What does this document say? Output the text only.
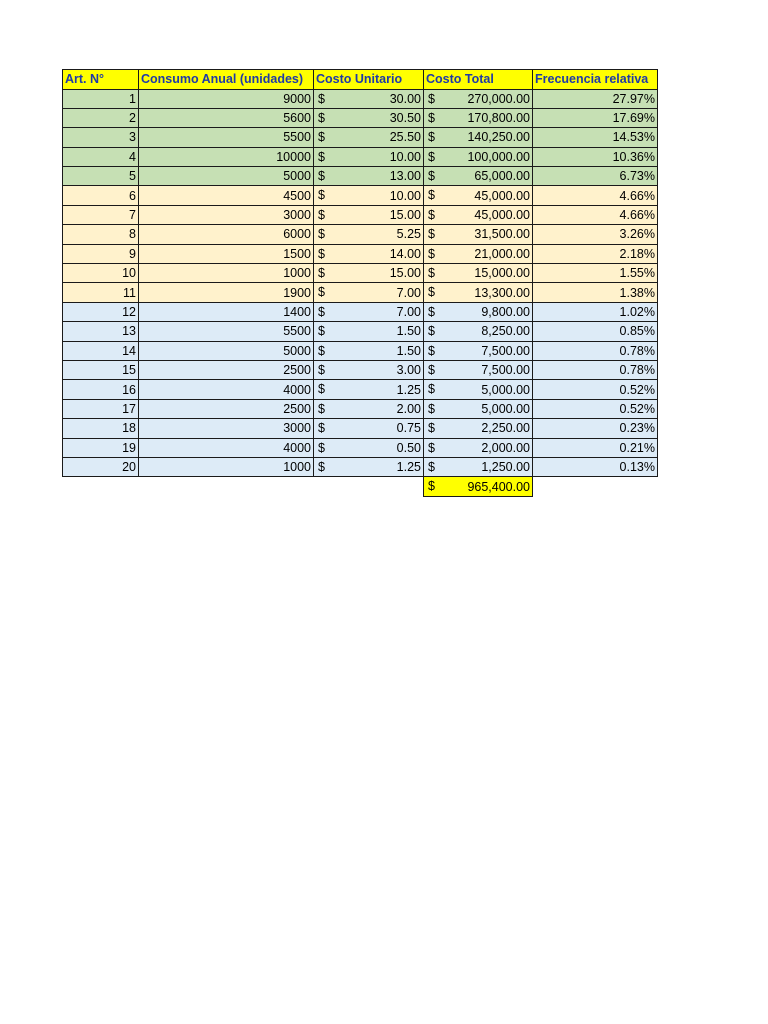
Art. N°	Consumo Anual (unidades)	Costo Unitario	Costo Total	Frecuencia relativa
1	9000	$ 30.00	$ 270,000.00	27.97%
2	5600	$ 30.50	$ 170,800.00	17.69%
3	5500	$ 25.50	$ 140,250.00	14.53%
4	10000	$ 10.00	$ 100,000.00	10.36%
5	5000	$ 13.00	$ 65,000.00	6.73%
6	4500	$ 10.00	$ 45,000.00	4.66%
7	3000	$ 15.00	$ 45,000.00	4.66%
8	6000	$ 5.25	$ 31,500.00	3.26%
9	1500	$ 14.00	$ 21,000.00	2.18%
10	1000	$ 15.00	$ 15,000.00	1.55%
11	1900	$ 7.00	$ 13,300.00	1.38%
12	1400	$ 7.00	$ 9,800.00	1.02%
13	5500	$ 1.50	$ 8,250.00	0.85%
14	5000	$ 1.50	$ 7,500.00	0.78%
15	2500	$ 3.00	$ 7,500.00	0.78%
16	4000	$ 1.25	$ 5,000.00	0.52%
17	2500	$ 2.00	$ 5,000.00	0.52%
18	3000	$ 0.75	$ 2,250.00	0.23%
19	4000	$ 0.50	$ 2,000.00	0.21%
20	1000	$ 1.25	$ 1,250.00	0.13%

			$ 965,400.00	
